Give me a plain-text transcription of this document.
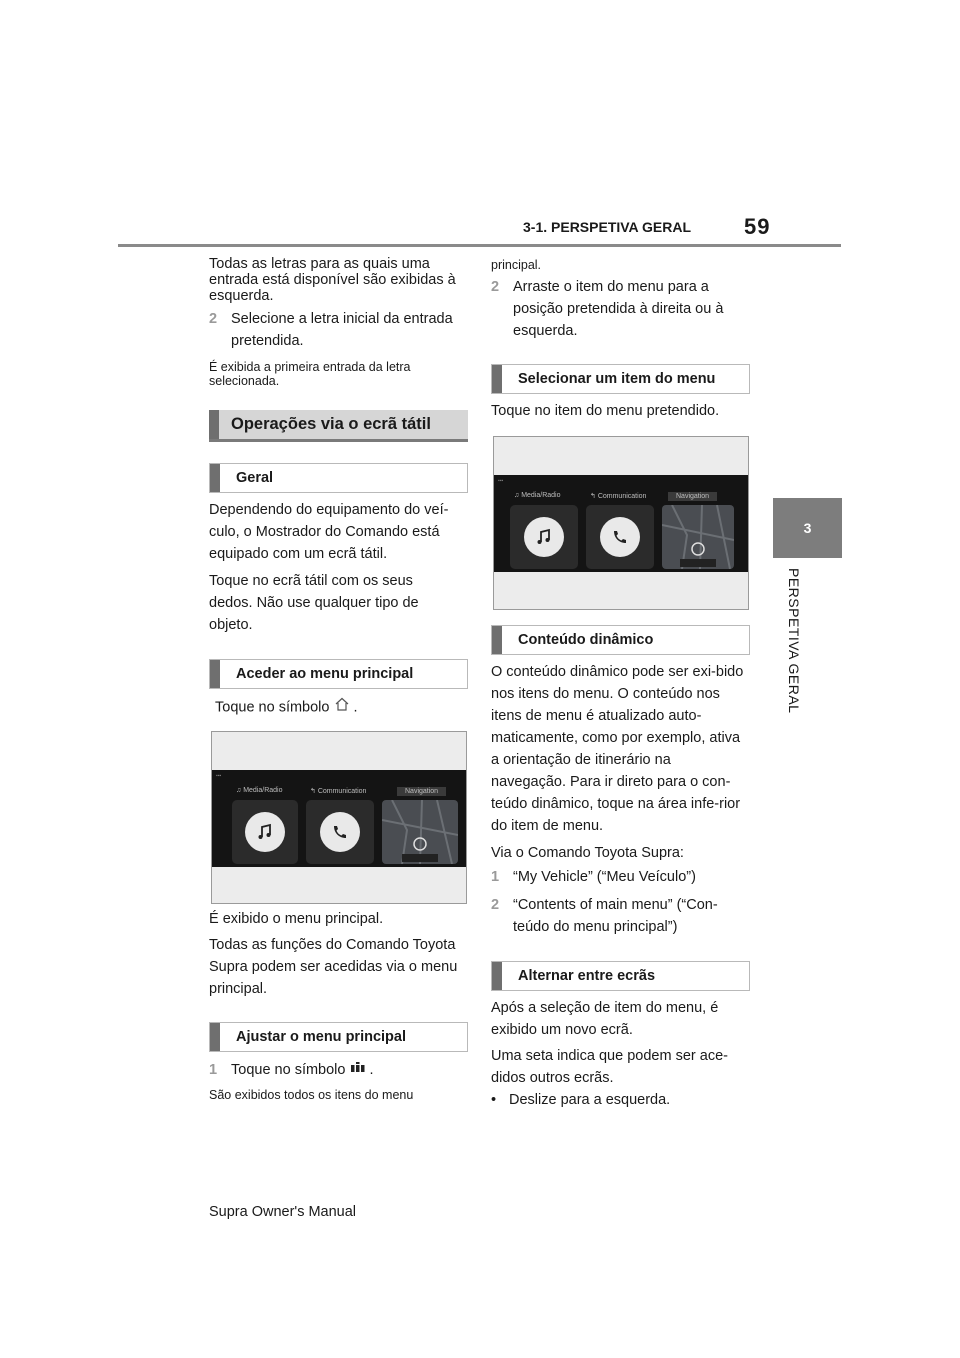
3-1. PERSPETIVA GERAL 59
3
PERSPETIVA GERAL
Todas as letras para as quais uma entrada está disponível são exibidas à esquerda.
2 Selecione a letra inicial da entrada pretendida.
É exibida a primeira entrada da letra selecionada.
Operações via o ecrã tátil
Geral
Dependendo do equipamento do veí-culo, o Mostrador do Comando está equipado com um ecrã tátil.
Toque no ecrã tátil com os seus dedos. Não use qualquer tipo de objeto.
Aceder ao menu principal
Toque no símbolo .
▪▪▪
♫ Media/Radio	↰ Communication	Navigation
É exibido o menu principal.
Todas as funções do Comando Toyota Supra podem ser acedidas via o menu principal.
Ajustar o menu principal
1 Toque no símbolo .
São exibidos todos os itens do menu
principal.
2 Arraste o item do menu para a posição pretendida à direita ou à esquerda.
Selecionar um item do menu
Toque no item do menu pretendido.
▪▪▪
♫ Media/Radio	↰ Communication	Navigation
Conteúdo dinâmico
O conteúdo dinâmico pode ser exi-bido nos itens do menu. O conteúdo nos itens de menu é atualizado auto-maticamente, como por exemplo, ativa a orientação de itinerário na navegação. Para ir direto para o con-teúdo dinâmico, toque na área infe-rior do item de menu.
Via o Comando Toyota Supra:
1 “My Vehicle” (“Meu Veículo”)
2 “Contents of main menu” (“Con-teúdo do menu principal”)
Alternar entre ecrãs
Após a seleção de item do menu, é exibido um novo ecrã.
Uma seta indica que podem ser ace-didos outros ecrãs.
• Deslize para a esquerda.
Supra Owner's Manual
